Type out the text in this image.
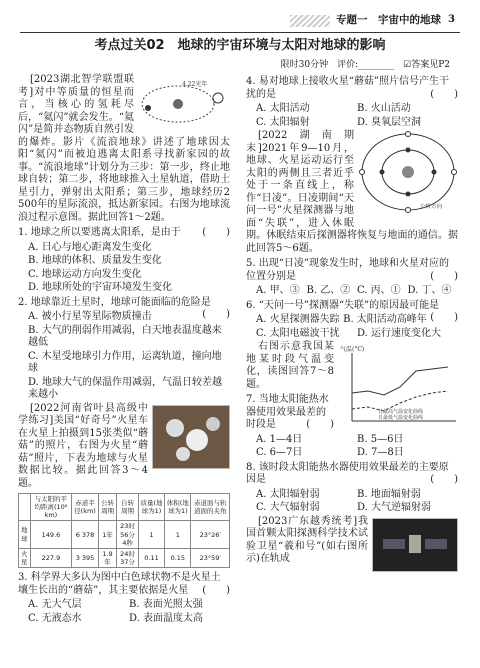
专题一　宇宙中的地球 3
考点过关02　地球的宇宙环境与太阳对地球的影响
限时30分钟　评价:________　☑答案见P2
4.22光年

[2023湖北智学联盟联考]对中等质量的恒星而言，当核心的氢耗尽后，“氦闪”就会发生。“氦闪”是简并态物质自然引发的爆炸。影片《流浪地球》讲述了地球因太阳“氦闪”而被迫逃离太阳系寻找新家园的故事。“流浪地球”计划分为三步：第一步，终止地球自转；第二步，将地球推入土星轨道，借助土星引力，弹射出太阳系；第三步，地球经历2 500年的星际流浪，抵达新家园。右图为地球流浪过程示意图。据此回答1～2题。

1. 地球之所以要逃离太阳系，是由于 (　　)
A. 日心与地心距离发生变化
B. 地球的体积、质量发生变化
C. 地球运动方向发生变化
D. 地球所处的宇宙环境发生变化
2. 地球靠近土星时，地球可能面临的危险是
(　　)
A. 被小行星等星际物质撞击
B. 大气的削弱作用减弱，白天地表温度越来越低
C. 木星受地球引力作用，运离轨道，撞向地球
D. 地球大气的保温作用减弱，气温日较差越来越小

[2022河南省叶县高级中学练习]美国“好奇号”火星车在火星上拍摄到15张类似“蘑菇”的照片，右图为火星“蘑菇”照片，下表为地球与火星数据比较。据此回答3～4题。

	与太阳的平均距离(10⁶ km)	赤道半径(km)	公转周期	自转周期	质量(地球为1)	体积(地球为1)	赤道面与轨道面的夹角
地球	149.6	6 378	1年	23时56分4秒	1	1	23°26′
火星	227.9	3 395	1.9年	24时37分	0.11	0.15	23°59′
3. 科学界大多认为图中白色球状物不是火星土壤生长出的“蘑菇”，其主要依据是火星 (　　)
A. 无大气层	B. 表面光照太强
C. 无液态水	D. 表面温度太高
4. 易对地球上接收火星“蘑菇”照片信号产生干扰的是	(　　)
A. 太阳活动	B. 火山活动
C. 太阳辐射	D. 臭氧层空洞
公转方向

[2022湖南期末]2021年9—10月，地球、火星运动运行至太阳的两侧且三者近乎处于一条直线上，称作“日凌”。日凌期间“天问一号”火星探测器与地面“失联”，进入休眠期。休眠结束后探测器将恢复与地面的通信。据此回答5～6题。

5. 出现“日凌”现象发生时，地球和火星对应的位置分别是	(　　)
A. 甲、③ B. 乙、② C. 丙、① D. 丁、④
6. “天问一号”探测器“失联”的原因最可能是
(　　)
A. 火星探测器失踪 B. 太阳活动高峰年
C. 太阳电磁波干扰	D. 运行速度变化大
气温(°C)
日最高气温变化曲线
日最低气温变化曲线

右图示意我国某地某时段气温变化，读图回答7～8题。

7. 当地太阳能热水器使用效果最差的时段是	(　　)
A. 1—4日	B. 5—6日
C. 6—7日	D. 7—8日
8. 该时段太阳能热水器使用效果最差的主要原因是	(　　)
A. 太阳辐射弱	B. 地面辐射弱
C. 大气辐射弱	D. 大气逆辐射弱

[2023广东越秀统考]我国首颗太阳探测科学技术试验卫星“羲和号”(如右图所示)在轨成
